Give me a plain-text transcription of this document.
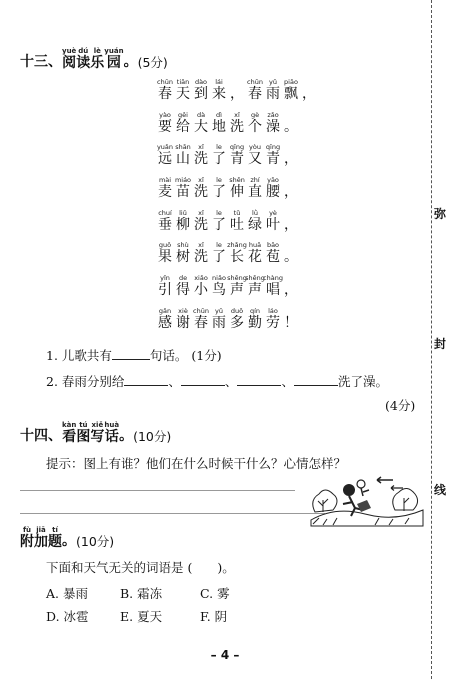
弥
封
线
十三、
yuè
阅
dú
读
lè
乐
yuán
园 。 (5分)
chūn
春
tiān
天
dào
到
lái
来 ，
chūn
春
yǔ
雨
piāo
飘 ，
yào
要
gěi
给
dà
大
dì
地
xǐ
洗
gè
个
zǎo
澡 。
yuǎn
远
shān
山
xǐ
洗
le
了
qīng
青
yòu
又
qīng
青 ，
mài
麦
miáo
苗
xǐ
洗
le
了
shēn
伸
zhí
直
yāo
腰 ，
chuí
垂
liǔ
柳
xǐ
洗
le
了
tǔ
吐
lǜ
绿
yè
叶 ，
guǒ
果
shù
树
xǐ
洗
le
了
zhǎng
长
huā
花
bāo
苞 。
yǐn
引
de
得
xiǎo
小
niǎo
鸟
shēng
声
shēng
声
chàng
唱 ，
gǎn
感
xiè
谢
chūn
春
yǔ
雨
duō
多
qín
勤
láo
劳 ！
1. 儿歌共有	句话。 (1分)
2. 春雨分别给	、	、	、	洗了澡。
(4分)
十四、
kàn
看
tú
图
xiě
写
huà
话 。 (10分)
提示：图上有谁？他们在什么时候干什么？心情怎样？
fù
附
jiā
加
tí
题 。 (10分)
下面和天气无关的词语是 (　　)。
A. 暴雨	B. 霜冻	C. 雾
D. 冰雹	E. 夏天	F. 阴
– 4 –
